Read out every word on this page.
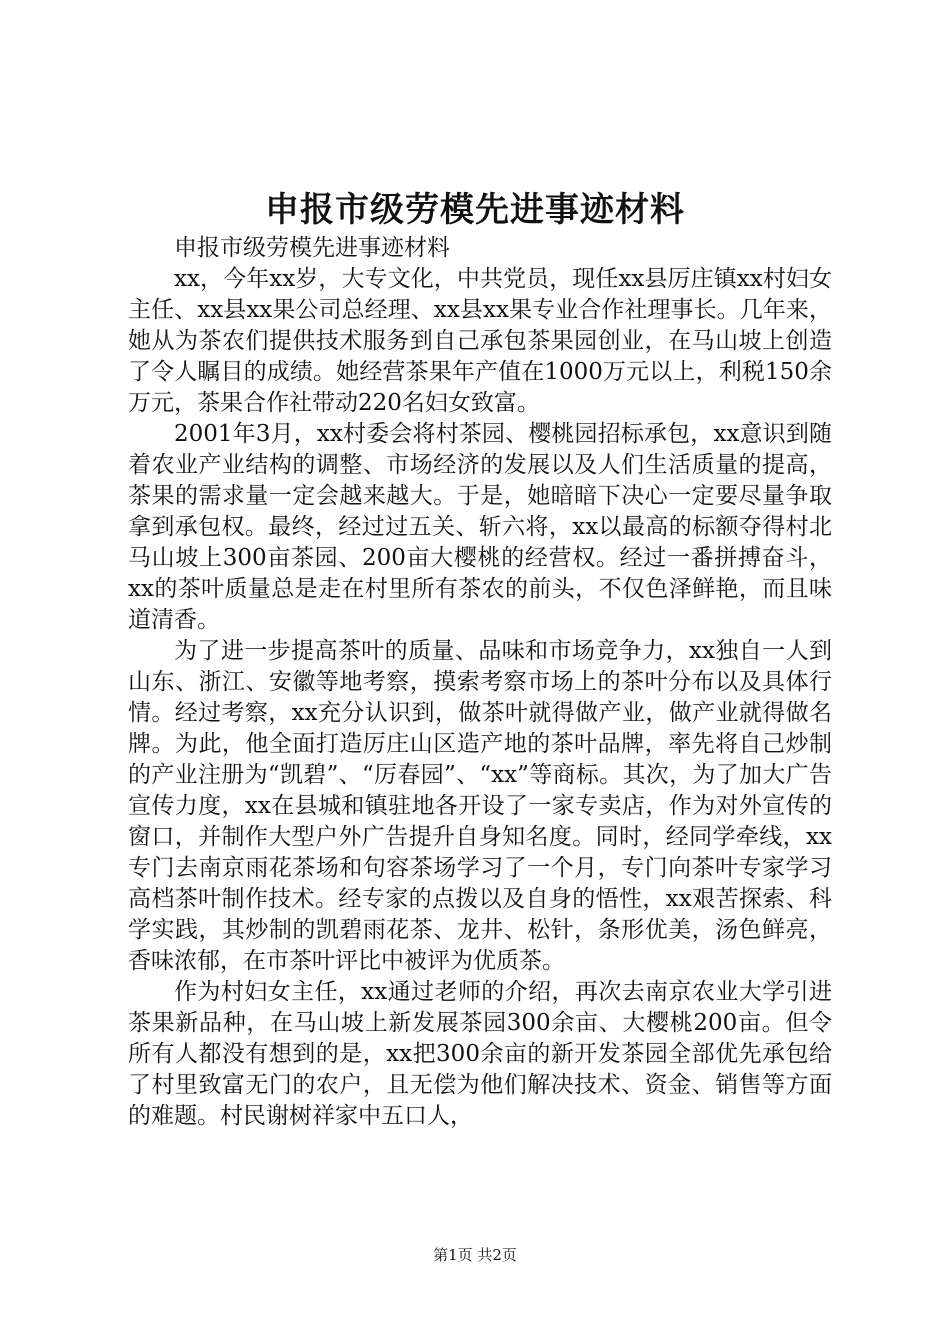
申报市级劳模先进事迹材料

申报市级劳模先进事迹材料

xx，今年xx岁，大专文化，中共党员，现任xx县厉庄镇xx村妇女主任、xx县xx果公司总经理、xx县xx果专业合作社理事长。几年来，她从为茶农们提供技术服务到自己承包茶果园创业，在马山坡上创造了令人瞩目的成绩。她经营茶果年产值在1000万元以上，利税150余万元，茶果合作社带动220名妇女致富。

2001年3月，xx村委会将村茶园、樱桃园招标承包，xx意识到随着农业产业结构的调整、市场经济的发展以及人们生活质量的提高，茶果的需求量一定会越来越大。于是，她暗暗下决心一定要尽量争取拿到承包权。最终，经过过五关、斩六将，xx以最高的标额夺得村北马山坡上300亩茶园、200亩大樱桃的经营权。经过一番拼搏奋斗，xx的茶叶质量总是走在村里所有茶农的前头，不仅色泽鲜艳，而且味道清香。

为了进一步提高茶叶的质量、品味和市场竞争力，xx独自一人到山东、浙江、安徽等地考察，摸索考察市场上的茶叶分布以及具体行情。经过考察，xx充分认识到，做茶叶就得做产业，做产业就得做名牌。为此，他全面打造厉庄山区造产地的茶叶品牌，率先将自己炒制的产业注册为“凯碧”、“厉春园”、“xx”等商标。其次，为了加大广告宣传力度，xx在县城和镇驻地各开设了一家专卖店，作为对外宣传的窗口，并制作大型户外广告提升自身知名度。同时，经同学牵线，xx专门去南京雨花茶场和句容茶场学习了一个月，专门向茶叶专家学习高档茶叶制作技术。经专家的点拨以及自身的悟性，xx艰苦探索、科学实践，其炒制的凯碧雨花茶、龙井、松针，条形优美，汤色鲜亮，香味浓郁，在市茶叶评比中被评为优质茶。

作为村妇女主任，xx通过老师的介绍，再次去南京农业大学引进茶果新品种，在马山坡上新发展茶园300余亩、大樱桃200亩。但令所有人都没有想到的是，xx把300余亩的新开发茶园全部优先承包给了村里致富无门的农户，且无偿为他们解决技术、资金、销售等方面的难题。村民谢树祥家中五口人，

第1页 共2页
